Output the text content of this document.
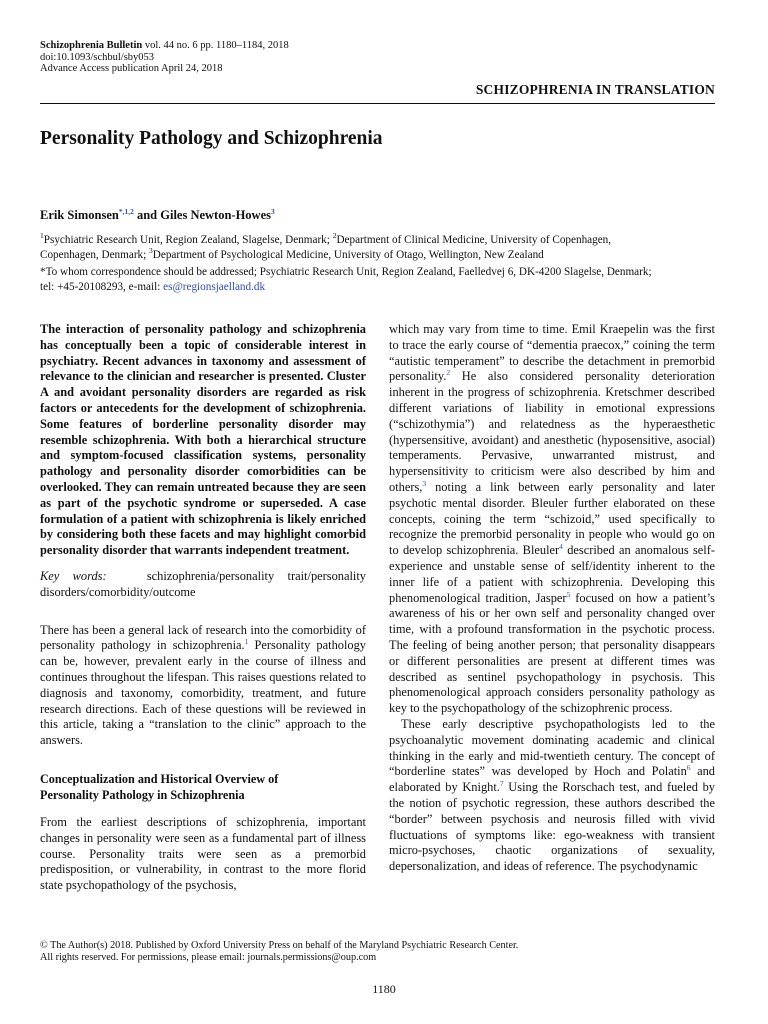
Schizophrenia Bulletin vol. 44 no. 6 pp. 1180–1184, 2018
doi:10.1093/schbul/sby053
Advance Access publication April 24, 2018
SCHIZOPHRENIA IN TRANSLATION
Personality Pathology and Schizophrenia
Erik Simonsen$^{*,1,2}$ and Giles Newton-Howes$^3$
$^1$Psychiatric Research Unit, Region Zealand, Slagelse, Denmark; $^2$Department of Clinical Medicine, University of Copenhagen,
Copenhagen, Denmark; $^3$Department of Psychological Medicine, University of Otago, Wellington, New Zealand
*To whom correspondence should be addressed; Psychiatric Research Unit, Region Zealand, Faelledvej 6, DK-4200 Slagelse, Denmark;
tel: +45-20108293, e-mail: es@regionsjaelland.dk

The interaction of personality pathology and schizophrenia has conceptually been a topic of considerable interest in psychiatry. Recent advances in taxonomy and assessment of relevance to the clinician and researcher is presented. Cluster A and avoidant personality disorders are regarded as risk factors or antecedents for the development of schizophrenia. Some features of borderline personality disorder may resemble schizophrenia. With both a hierarchical structure and symptom-focused classification systems, personality pathology and personality disorder comorbidities can be overlooked. They can remain untreated because they are seen as part of the psychotic syndrome or superseded. A case formulation of a patient with schizophrenia is likely enriched by considering both these facets and may highlight comorbid personality disorder that warrants independent treatment.

Key words:	schizophrenia/personality trait/personality disorders/comorbidity/outcome

There has been a general lack of research into the comorbidity of personality pathology in schizophrenia.$^1$ Personality pathology can be, however, prevalent early in the course of illness and continues throughout the lifespan. This raises questions related to diagnosis and taxonomy, comorbidity, treatment, and future research directions. Each of these questions will be reviewed in this article, taking a “translation to the clinic” approach to the answers.

Conceptualization and Historical Overview of
Personality Pathology in Schizophrenia

From the earliest descriptions of schizophrenia, important changes in personality were seen as a fundamental part of illness course. Personality traits were seen as a premorbid predisposition, or vulnerability, in contrast to the more florid state psychopathology of the psychosis,

which may vary from time to time. Emil Kraepelin was the first to trace the early course of “dementia praecox,” coining the term “autistic temperament” to describe the detachment in premorbid personality.$^2$ He also considered personality deterioration inherent in the progress of schizophrenia. Kretschmer described different variations of liability in emotional expressions (“schizothymia”) and relatedness as the hyperaesthetic (hypersensitive, avoidant) and anesthetic (hyposensitive, asocial) temperaments. Pervasive, unwarranted mistrust, and hypersensitivity to criticism were also described by him and others,$^3$ noting a link between early personality and later psychotic mental disorder. Bleuler further elaborated on these concepts, coining the term “schizoid,” used specifically to recognize the premorbid personality in people who would go on to develop schizophrenia. Bleuler$^4$ described an anomalous self-experience and unstable sense of self/identity inherent to the inner life of a patient with schizophrenia. Developing this phenomenological tradition, Jasper$^5$ focused on how a patient’s awareness of his or her own self and personality changed over time, with a profound transformation in the psychotic process. The feeling of being another person; that personality disappears or different personalities are present at different times was described as sentinel psychopathology in psychosis. This phenomenological approach considers personality pathology as key to the psychopathology of the schizophrenic process.

These early descriptive psychopathologists led to the psychoanalytic movement dominating academic and clinical thinking in the early and mid-twentieth century. The concept of “borderline states” was developed by Hoch and Polatin$^6$ and elaborated by Knight.$^7$ Using the Rorschach test, and fueled by the notion of psychotic regression, these authors described the “border” between psychosis and neurosis filled with vivid fluctuations of symptoms like: ego-weakness with transient micro-psychoses, chaotic organizations of sexuality, depersonalization, and ideas of reference. The psychodynamic

© The Author(s) 2018. Published by Oxford University Press on behalf of the Maryland Psychiatric Research Center.
All rights reserved. For permissions, please email: journals.permissions@oup.com
1180
